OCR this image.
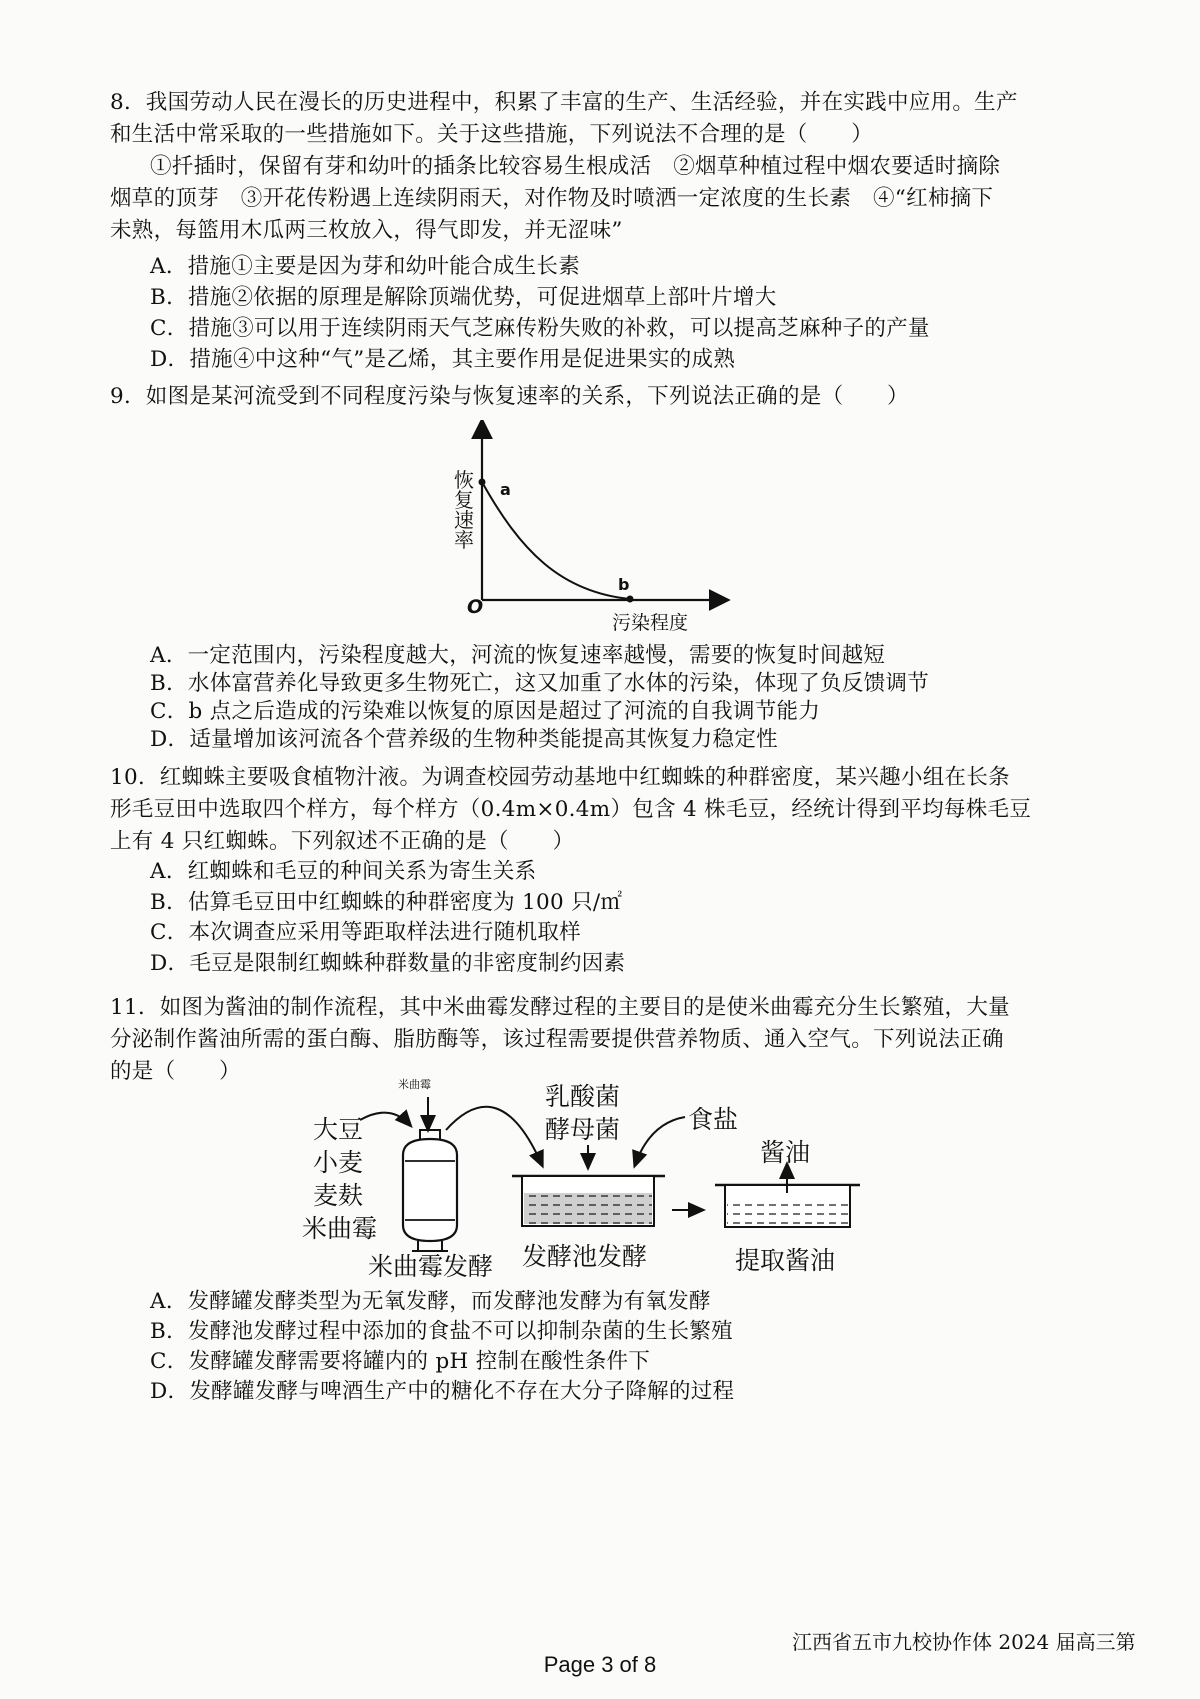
8．我国劳动人民在漫长的历史进程中，积累了丰富的生产、生活经验，并在实践中应用。生产
和生活中常采取的一些措施如下。关于这些措施，下列说法不合理的是（　　）
①扦插时，保留有芽和幼叶的插条比较容易生根成活　②烟草种植过程中烟农要适时摘除
烟草的顶芽　③开花传粉遇上连续阴雨天，对作物及时喷洒一定浓度的生长素　④“红柿摘下
未熟，每篮用木瓜两三枚放入，得气即发，并无涩味”
A．措施①主要是因为芽和幼叶能合成生长素
B．措施②依据的原理是解除顶端优势，可促进烟草上部叶片增大
C．措施③可以用于连续阴雨天气芝麻传粉失败的补救，可以提高芝麻种子的产量
D．措施④中这种“气”是乙烯，其主要作用是促进果实的成熟
9．如图是某河流受到不同程度污染与恢复速率的关系，下列说法正确的是（　　）
恢
复
速
率
a
b
O
污染程度
A．一定范围内，污染程度越大，河流的恢复速率越慢，需要的恢复时间越短
B．水体富营养化导致更多生物死亡，这又加重了水体的污染，体现了负反馈调节
C．b 点之后造成的污染难以恢复的原因是超过了河流的自我调节能力
D．适量增加该河流各个营养级的生物种类能提高其恢复力稳定性
10．红蜘蛛主要吸食植物汁液。为调查校园劳动基地中红蜘蛛的种群密度，某兴趣小组在长条
形毛豆田中选取四个样方，每个样方（0.4m×0.4m）包含 4 株毛豆，经统计得到平均每株毛豆
上有 4 只红蜘蛛。下列叙述不正确的是（　　）
A．红蜘蛛和毛豆的种间关系为寄生关系
B．估算毛豆田中红蜘蛛的种群密度为 100 只/㎡
C．本次调查应采用等距取样法进行随机取样
D．毛豆是限制红蜘蛛种群数量的非密度制约因素
11．如图为酱油的制作流程，其中米曲霉发酵过程的主要目的是使米曲霉充分生长繁殖，大量
分泌制作酱油所需的蛋白酶、脂肪酶等，该过程需要提供营养物质、通入空气。下列说法正确
的是（　　）
大豆
小麦
麦麸
米曲霉
米曲霉	乳酸菌
酵母菌	食盐
酱油
米曲霉发酵 发酵池发酵	提取酱油
A．发酵罐发酵类型为无氧发酵，而发酵池发酵为有氧发酵
B．发酵池发酵过程中添加的食盐不可以抑制杂菌的生长繁殖
C．发酵罐发酵需要将罐内的 pH 控制在酸性条件下
D．发酵罐发酵与啤酒生产中的糖化不存在大分子降解的过程
江西省五市九校协作体 2024 届高三第
Page 3 of 8
